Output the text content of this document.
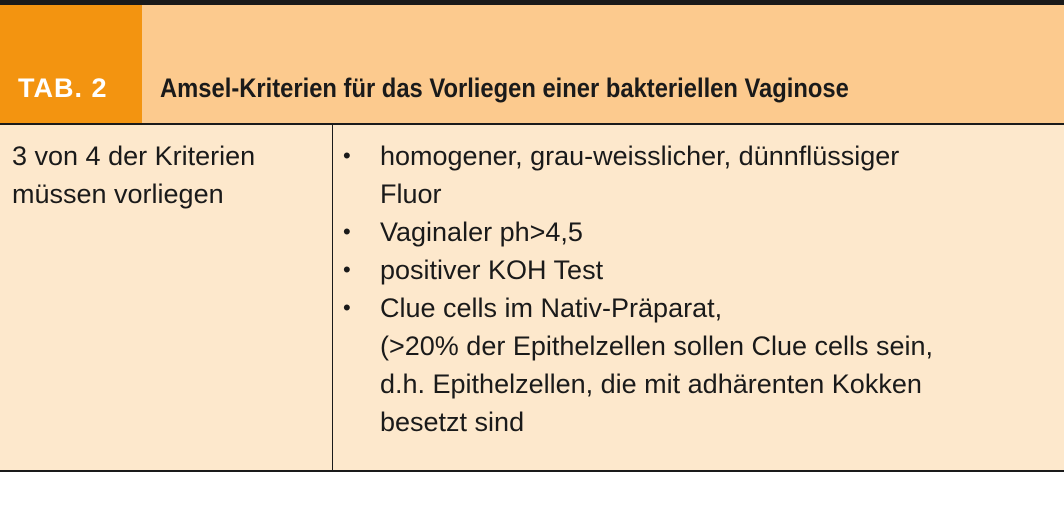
TAB. 2 Amsel-Kriterien für das Vorliegen einer bakteriellen Vaginose
3 von 4 der Kriterien
müssen vorliegen
• homogener, grau-weisslicher, dünnflüssiger
Fluor
• Vaginaler ph>4,5
• positiver KOH Test
• Clue cells im Nativ-Präparat,
(>20% der Epithelzellen sollen Clue cells sein,
d.h. Epithelzellen, die mit adhärenten Kokken
besetzt sind
